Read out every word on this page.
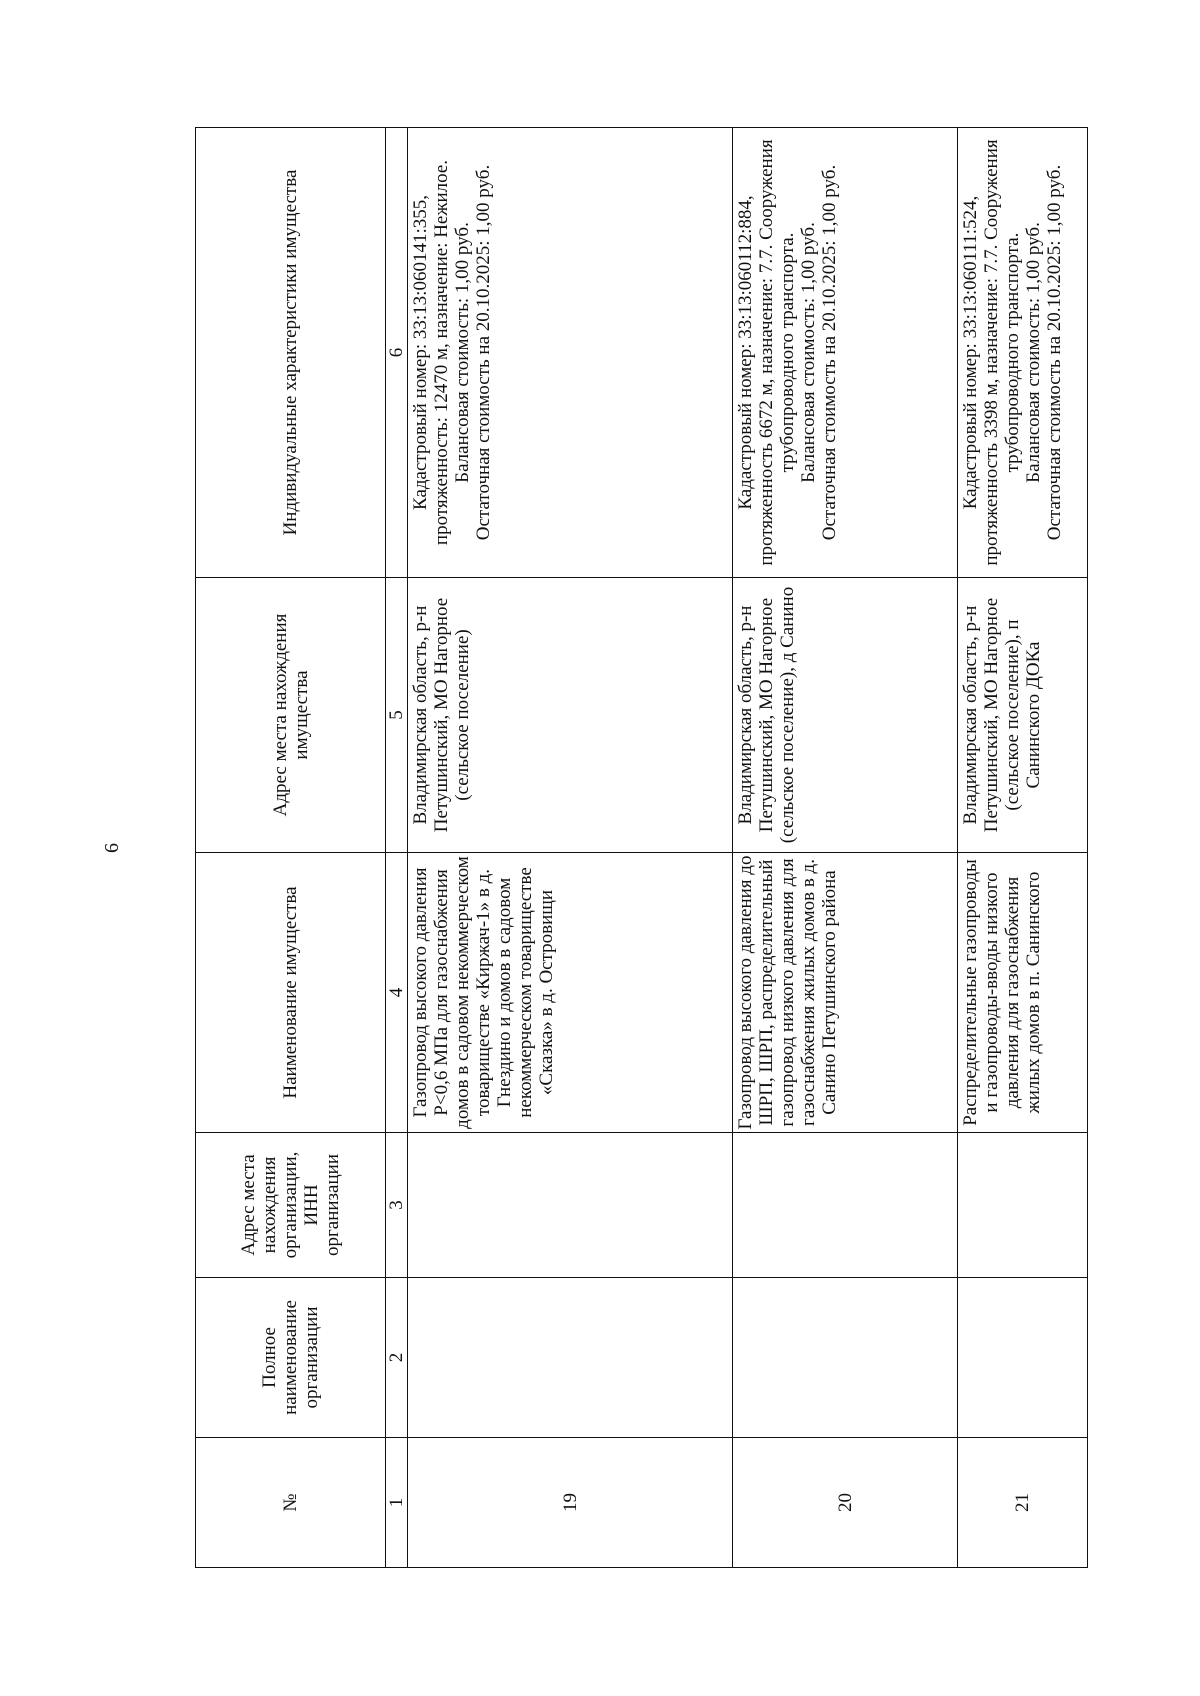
6
№	Полное наименование организации	Адрес места нахождения организации, ИНН организации	Наименование имущества	Адрес места нахождения имущества	Индивидуальные характеристики имущества
1	2	3	4	5	6
19			Газопровод высокого давления Р<0,6 МПа для газоснабжения домов в садовом некоммерческом товариществе «Киржач-1» в д. Гнездино и домов в садовом некоммерческом товариществе «Сказка» в д. Островищи	Владимирская область, р-н Петушинский, МО Нагорное (сельское поселение)	Кадастровый номер: 33:13:060141:355, протяженность: 12470 м, назначение: Нежилое.
Балансовая стоимость: 1,00 руб.
Остаточная стоимость на 20.10.2025: 1,00 руб.

20			Газопровод высокого давления до ШРП, ШРП, распределительный газопровод низкого давления для газоснабжения жилых домов в д. Санино Петушинского района	Владимирская область, р-н Петушинский, МО Нагорное (сельское поселение), д Санино	Кадастровый номер: 33:13:060112:884, протяженность 6672 м, назначение: 7.7. Сооружения трубопроводного транспорта.
Балансовая стоимость: 1,00 руб.
Остаточная стоимость на 20.10.2025: 1,00 руб.

21			Распределительные газопроводы и газопроводы-вводы низкого давления для газоснабжения жилых домов в п. Санинского	Владимирская область, р-н Петушинский, МО Нагорное (сельское поселение), п Санинского ДОКа	Кадастровый номер: 33:13:060111:524, протяженность 3398 м, назначение: 7.7. Сооружения трубопроводного транспорта.
Балансовая стоимость: 1,00 руб.
Остаточная стоимость на 20.10.2025: 1,00 руб.
